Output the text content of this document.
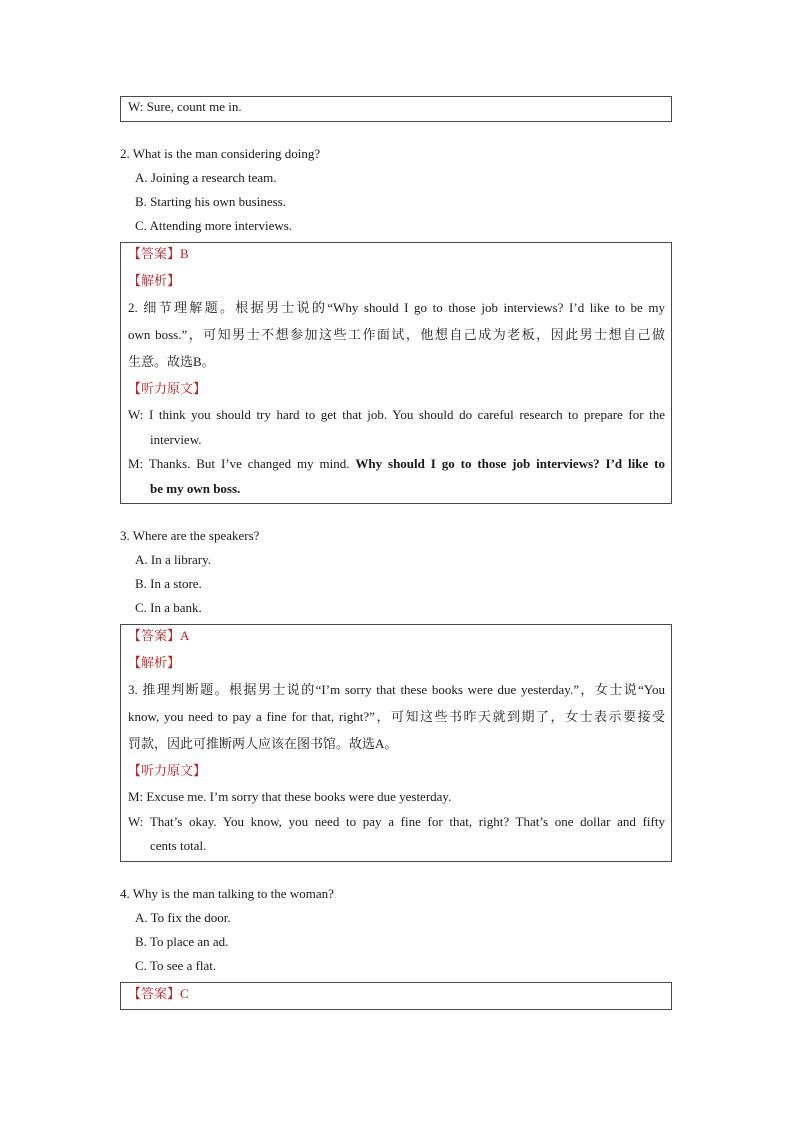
W: Sure, count me in.
2. What is the man considering doing?
A. Joining a research team.
B. Starting his own business.
C. Attending more interviews.
【答案】B
【解析】
2. 细节理解题。根据男士说的“Why should I go to those job interviews? I’d like to be my
own boss.”，可知男士不想参加这些工作面试，他想自己成为老板，因此男士想自己做
生意。故选B。
【听力原文】
W: I think you should try hard to get that job. You should do careful research to prepare for the
interview.
M: Thanks. But I’ve changed my mind. Why should I go to those job interviews? I’d like to
be my own boss.
3. Where are the speakers?
A. In a library.
B. In a store.
C. In a bank.
【答案】A
【解析】
3. 推理判断题。根据男士说的“I’m sorry that these books were due yesterday.”，女士说“You
know, you need to pay a fine for that, right?”，可知这些书昨天就到期了，女士表示要接受
罚款，因此可推断两人应该在图书馆。故选A。
【听力原文】
M: Excuse me. I’m sorry that these books were due yesterday.
W: That’s okay. You know, you need to pay a fine for that, right? That’s one dollar and fifty
cents total.
4. Why is the man talking to the woman?
A. To fix the door.
B. To place an ad.
C. To see a flat.
【答案】C
